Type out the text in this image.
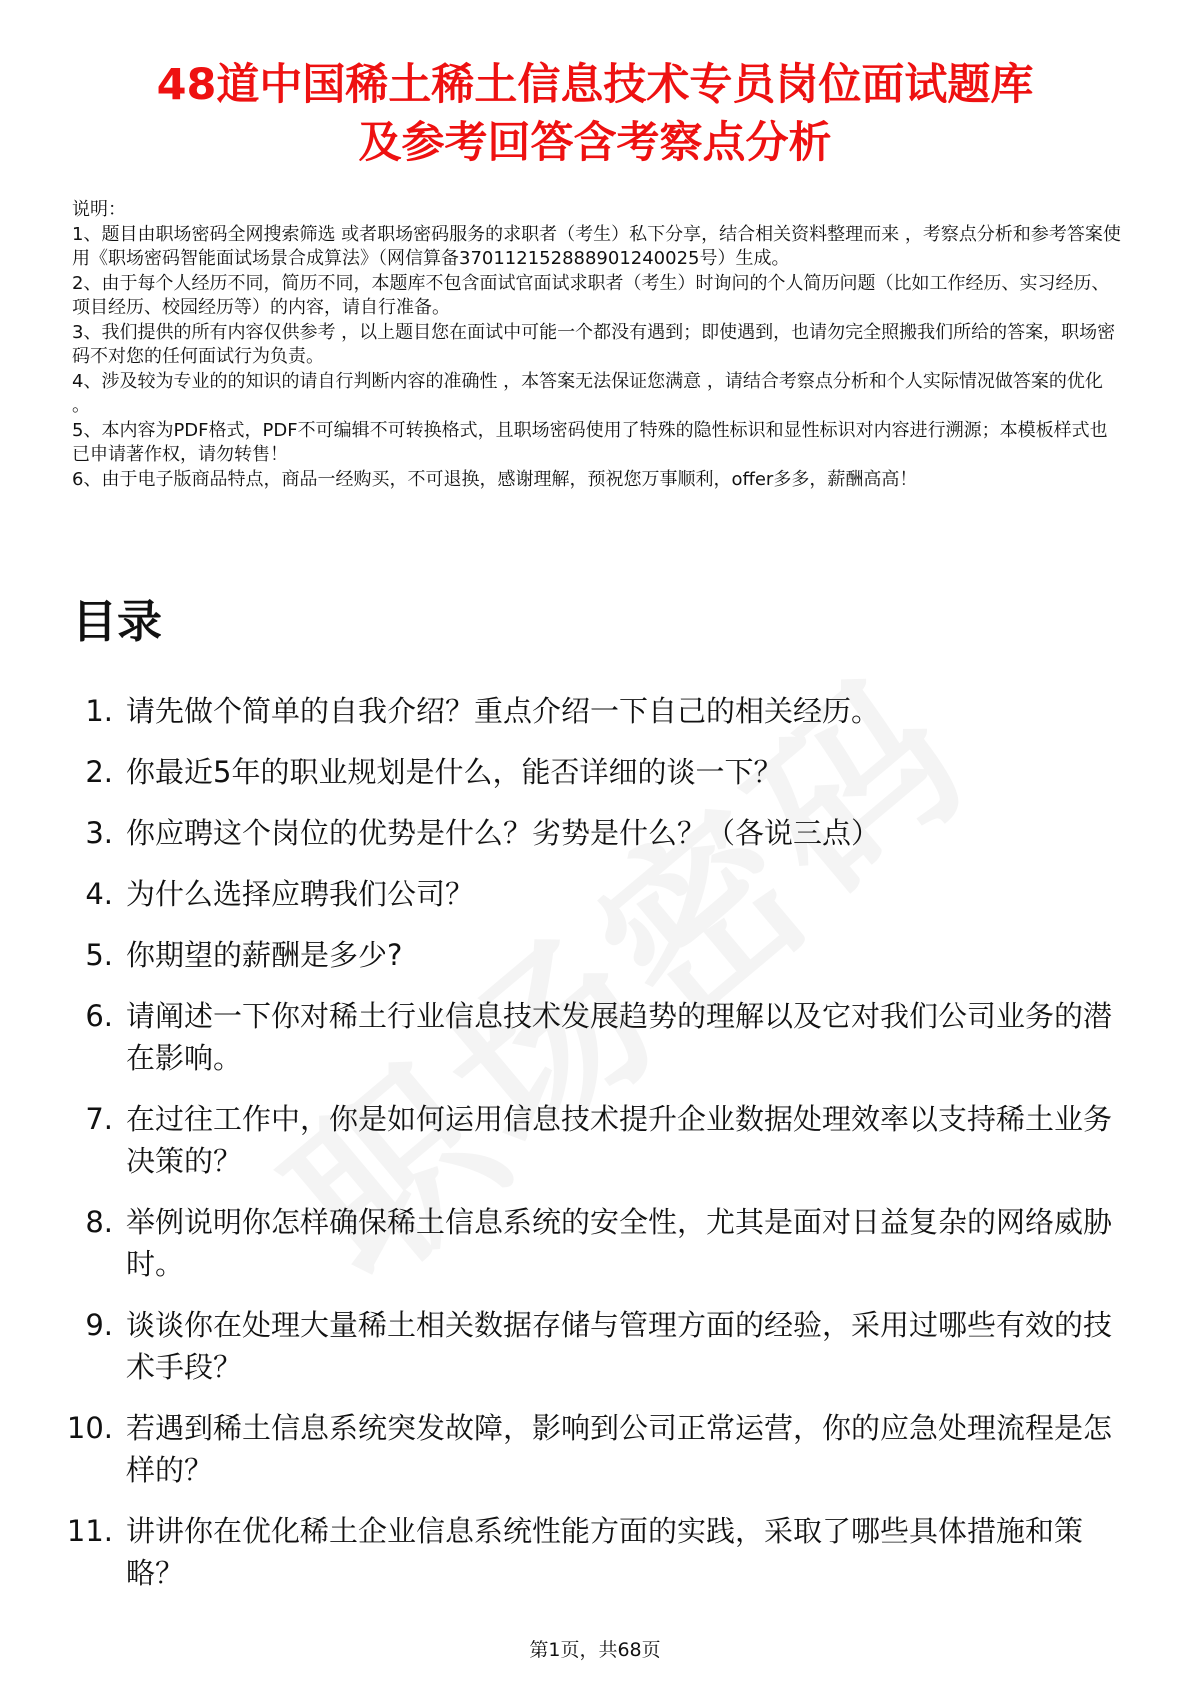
48道中国稀土稀土信息技术专员岗位面试题库
及参考回答含考察点分析

说明：

1、题目由职场密码全网搜索筛选 或者职场密码服务的求职者（考生）私下分享，结合相关资料整理而来 ，考察点分析和参考答案使用《职场密码智能面试场景合成算法》（网信算备370112152888901240025号）生成。

2、由于每个人经历不同，简历不同，本题库不包含面试官面试求职者（考生）时询问的个人简历问题（比如工作经历、实习经历、项目经历、校园经历等）的内容，请自行准备。

3、我们提供的所有内容仅供参考 ，以上题目您在面试中可能一个都没有遇到；即使遇到，也请勿完全照搬我们所给的答案，职场密码不对您的任何面试行为负责。

4、涉及较为专业的的知识的请自行判断内容的准确性 ，本答案无法保证您满意 ，请结合考察点分析和个人实际情况做答案的优化 。

5、本内容为PDF格式，PDF不可编辑不可转换格式，且职场密码使用了特殊的隐性标识和显性标识对内容进行溯源；本模板样式也已申请著作权，请勿转售！

6、由于电子版商品特点，商品一经购买，不可退换，感谢理解，预祝您万事顺利，offer多多，薪酬高高！

目录
1. 请先做个简单的自我介绍？重点介绍一下自己的相关经历。
2. 你最近5年的职业规划是什么，能否详细的谈一下？
3. 你应聘这个岗位的优势是什么？劣势是什么？（各说三点）
4. 为什么选择应聘我们公司？
5. 你期望的薪酬是多少?
6. 请阐述一下你对稀土行业信息技术发展趋势的理解以及它对我们公司业务的潜在影响。
7. 在过往工作中，你是如何运用信息技术提升企业数据处理效率以支持稀土业务决策的？
8. 举例说明你怎样确保稀土信息系统的安全性，尤其是面对日益复杂的网络威胁时。
9. 谈谈你在处理大量稀土相关数据存储与管理方面的经验，采用过哪些有效的技术手段？
10. 若遇到稀土信息系统突发故障，影响到公司正常运营，你的应急处理流程是怎样的？
11. 讲讲你在优化稀土企业信息系统性能方面的实践，采取了哪些具体措施和策略？
第1页，共68页
